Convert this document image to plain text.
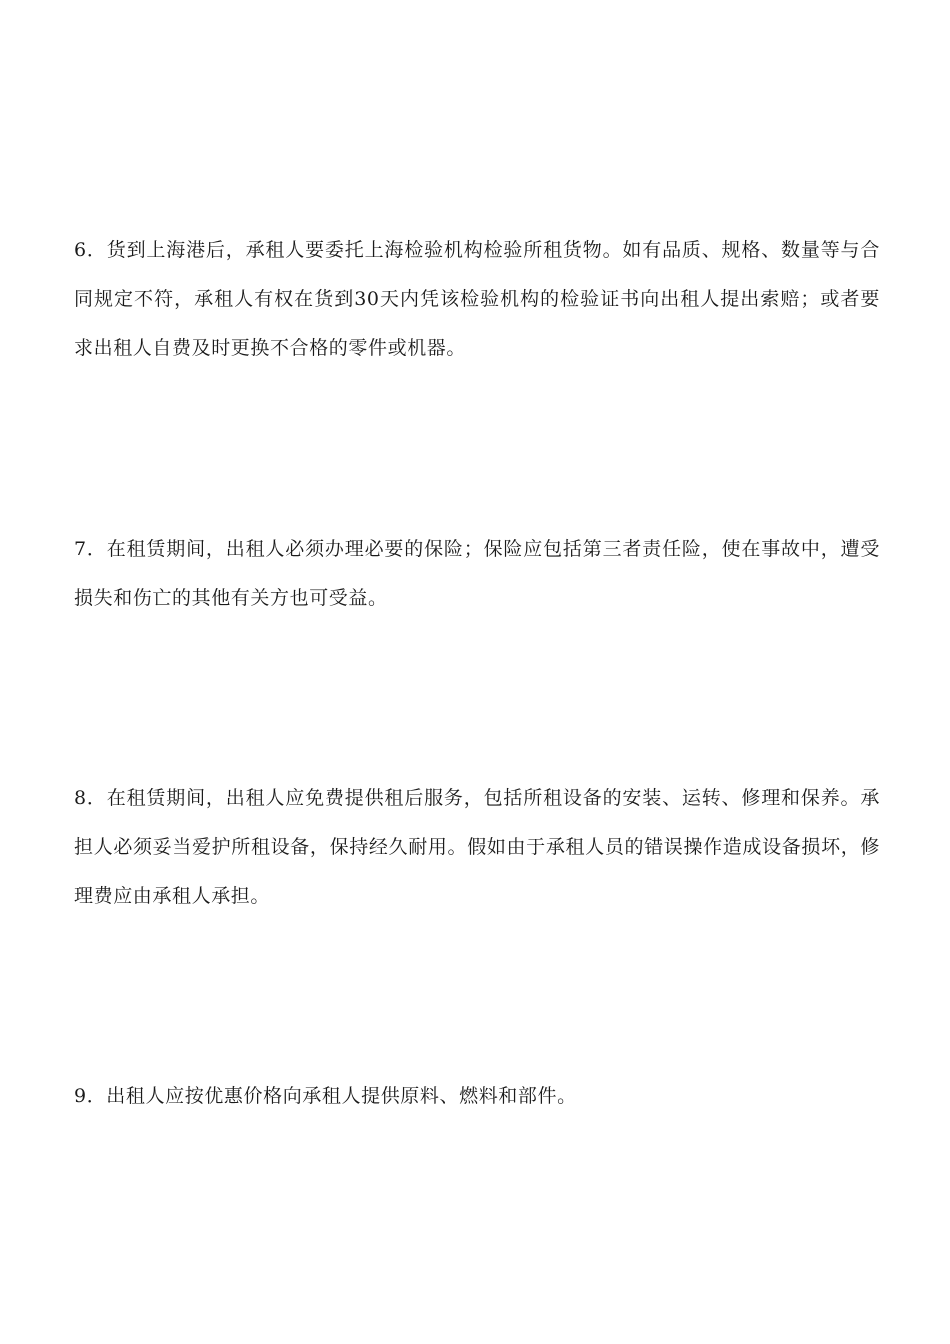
6．货到上海港后，承租人要委托上海检验机构检验所租货物。如有品质、规格、数量等与合同规定不符，承租人有权在货到30天内凭该检验机构的检验证书向出租人提出索赔；或者要求出租人自费及时更换不合格的零件或机器。

7．在租赁期间，出租人必须办理必要的保险；保险应包括第三者责任险，使在事故中，遭受损失和伤亡的其他有关方也可受益。

8．在租赁期间，出租人应免费提供租后服务，包括所租设备的安装、运转、修理和保养。承担人必须妥当爱护所租设备，保持经久耐用。假如由于承租人员的错误操作造成设备损坏，修理费应由承租人承担。

9．出租人应按优惠价格向承租人提供原料、燃料和部件。
